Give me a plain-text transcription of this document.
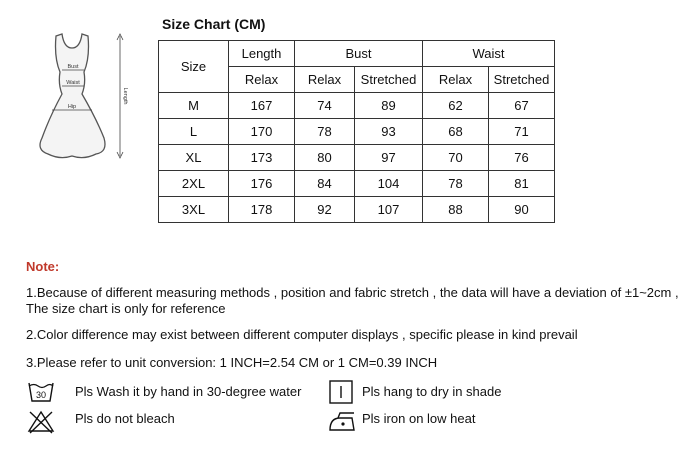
Bust
Waist
Hip
Length
Size Chart (CM)
Size	Length	Bust		Waist	
	Relax	Relax	Stretched	Relax	Stretched
M	167	74	89	62	67
L	170	78	93	68	71
XL	173	80	97	70	76
2XL	176	84	104	78	81
3XL	178	92	107	88	90
Note:
1.Because of different measuring methods , position and fabric stretch , the data will have a deviation of ±1~2cm ,
The size chart is only for reference
2.Color difference may exist between different computer displays , specific please in kind prevail
3.Please refer to unit conversion: 1 INCH=2.54 CM or 1 CM=0.39 INCH
30 Pls Wash it by hand in 30-degree water	Pls hang to dry in shade
Pls do not bleach	Pls iron on low heat
